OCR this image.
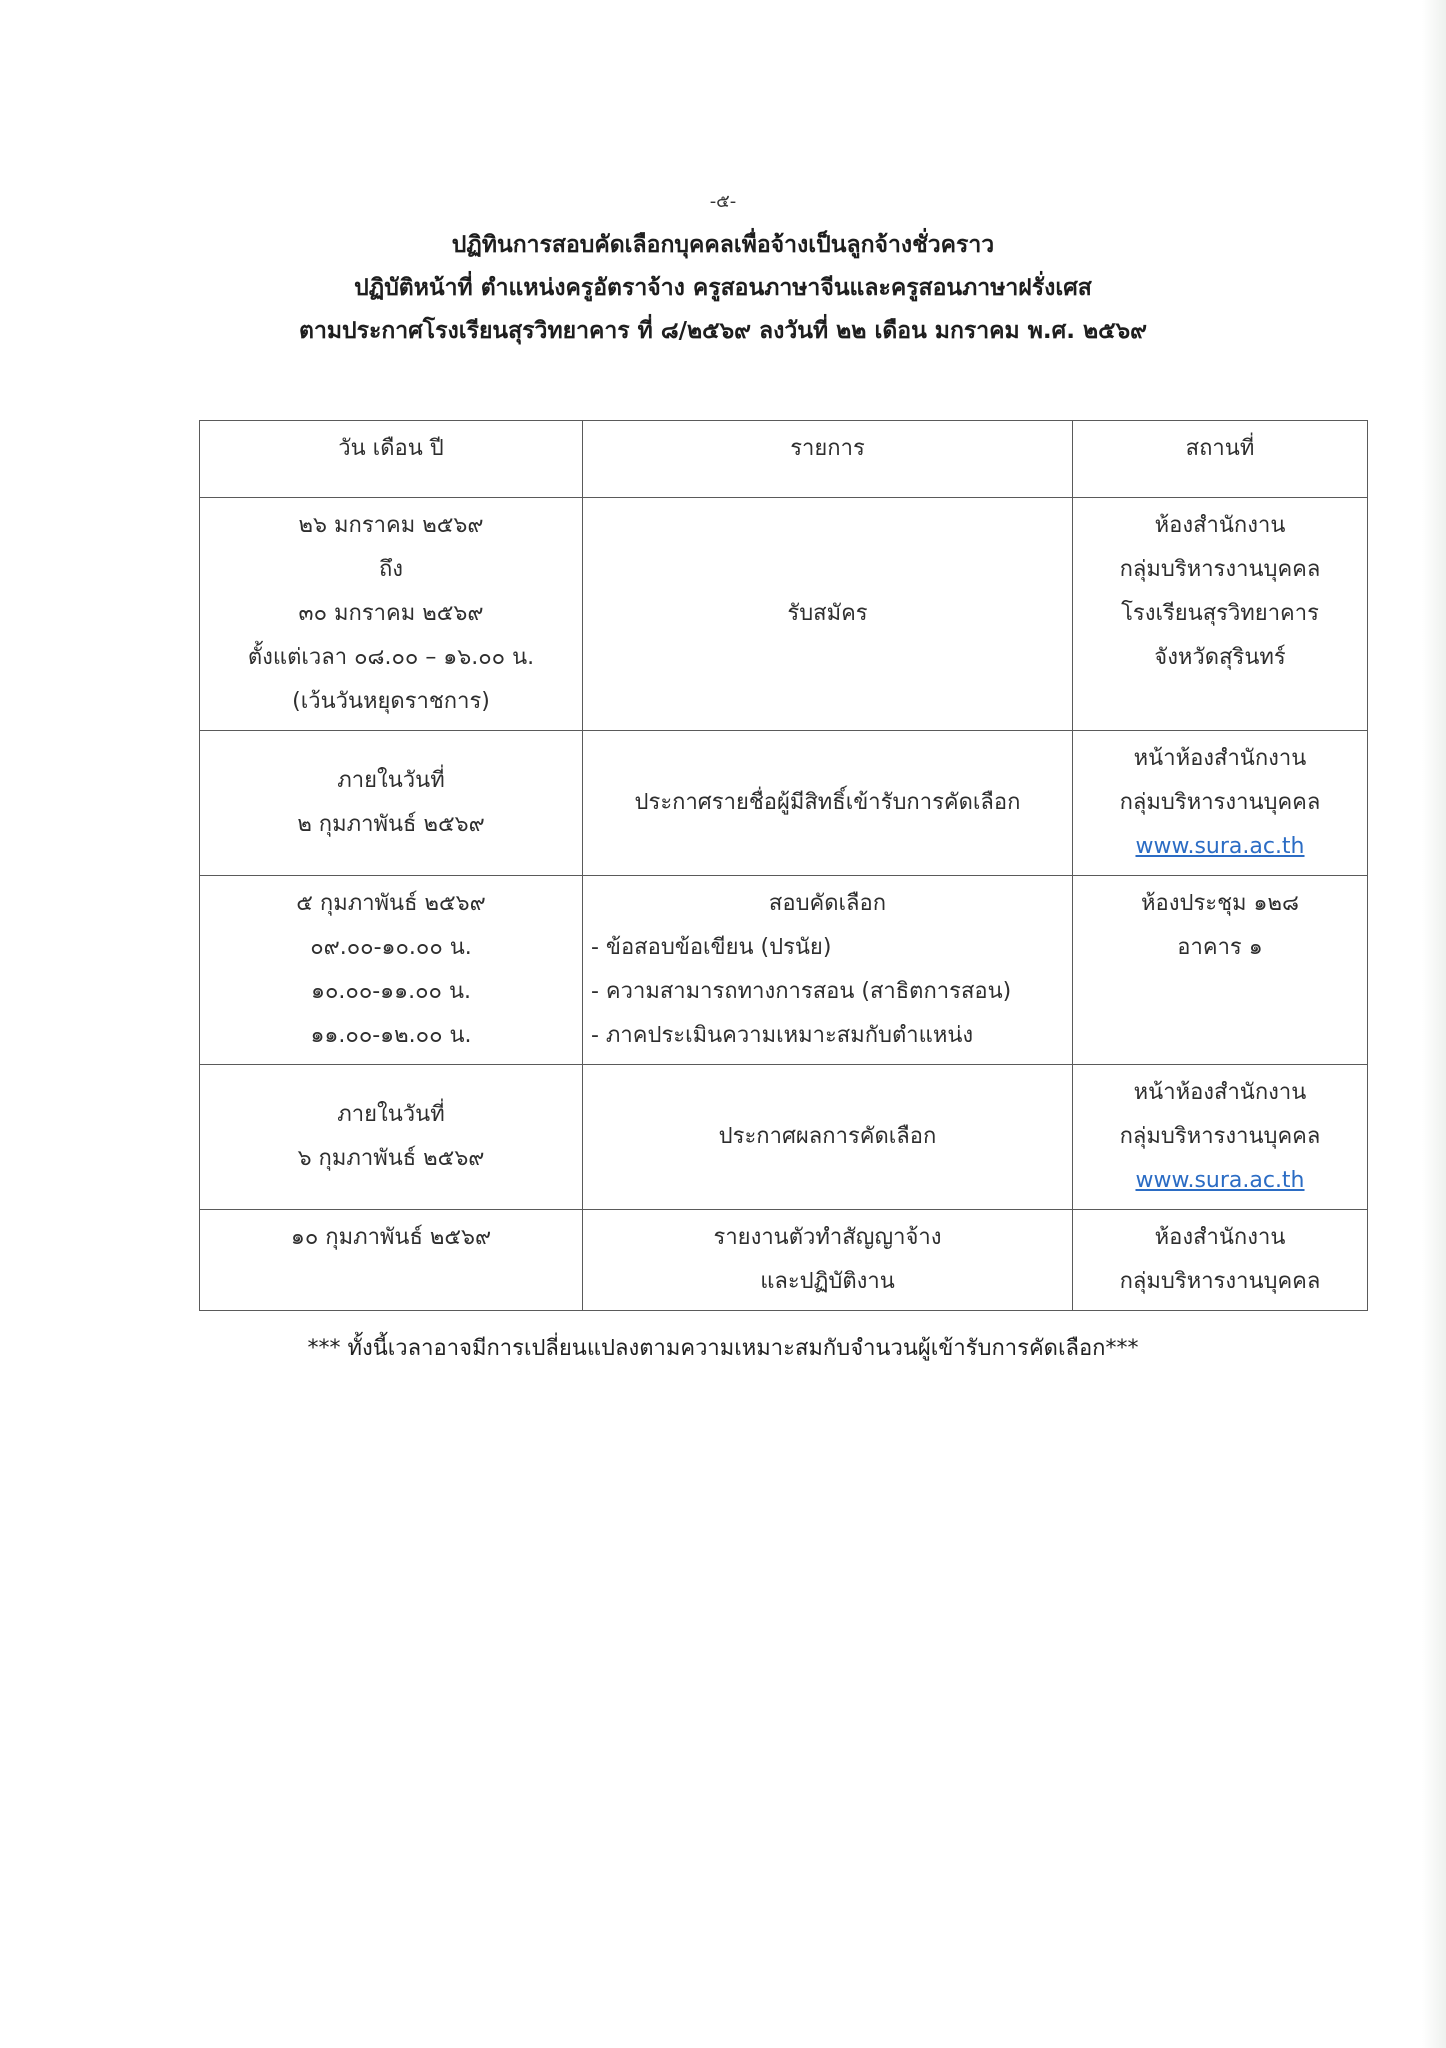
-๕-
ปฏิทินการสอบคัดเลือกบุคคลเพื่อจ้างเป็นลูกจ้างชั่วคราว
ปฏิบัติหน้าที่ ตำแหน่งครูอัตราจ้าง ครูสอนภาษาจีนและครูสอนภาษาฝรั่งเศส
ตามประกาศโรงเรียนสุรวิทยาคาร ที่ ๘/๒๕๖๙ ลงวันที่ ๒๒ เดือน มกราคม พ.ศ. ๒๕๖๙
วัน เดือน ปี	รายการ	สถานที่

๒๖ มกราคม ๒๕๖๙
ถึง
๓๐ มกราคม ๒๕๖๙
ตั้งแต่เวลา ๐๘.๐๐ – ๑๖.๐๐ น.
(เว้นวันหยุดราชการ)	รับสมัคร	ห้องสำนักงาน
กลุ่มบริหารงานบุคคล
โรงเรียนสุรวิทยาคาร
จังหวัดสุรินทร์

ภายในวันที่
๒ กุมภาพันธ์ ๒๕๖๙	ประกาศรายชื่อผู้มีสิทธิ์เข้ารับการคัดเลือก	หน้าห้องสำนักงาน
กลุ่มบริหารงานบุคคล
www.sura.ac.th

๕ กุมภาพันธ์ ๒๕๖๙
๐๙.๐๐-๑๐.๐๐ น.
๑๐.๐๐-๑๑.๐๐ น.
๑๑.๐๐-๑๒.๐๐ น.	สอบคัดเลือก
- ข้อสอบข้อเขียน (ปรนัย)
- ความสามารถทางการสอน (สาธิตการสอน)
- ภาคประเมินความเหมาะสมกับตำแหน่ง	ห้องประชุม ๑๒๘
อาคาร ๑

ภายในวันที่
๖ กุมภาพันธ์ ๒๕๖๙	ประกาศผลการคัดเลือก	หน้าห้องสำนักงาน
กลุ่มบริหารงานบุคคล
www.sura.ac.th

๑๐ กุมภาพันธ์ ๒๕๖๙	รายงานตัวทำสัญญาจ้าง
และปฏิบัติงาน	ห้องสำนักงาน
กลุ่มบริหารงานบุคคล
*** ทั้งนี้เวลาอาจมีการเปลี่ยนแปลงตามความเหมาะสมกับจำนวนผู้เข้ารับการคัดเลือก***
